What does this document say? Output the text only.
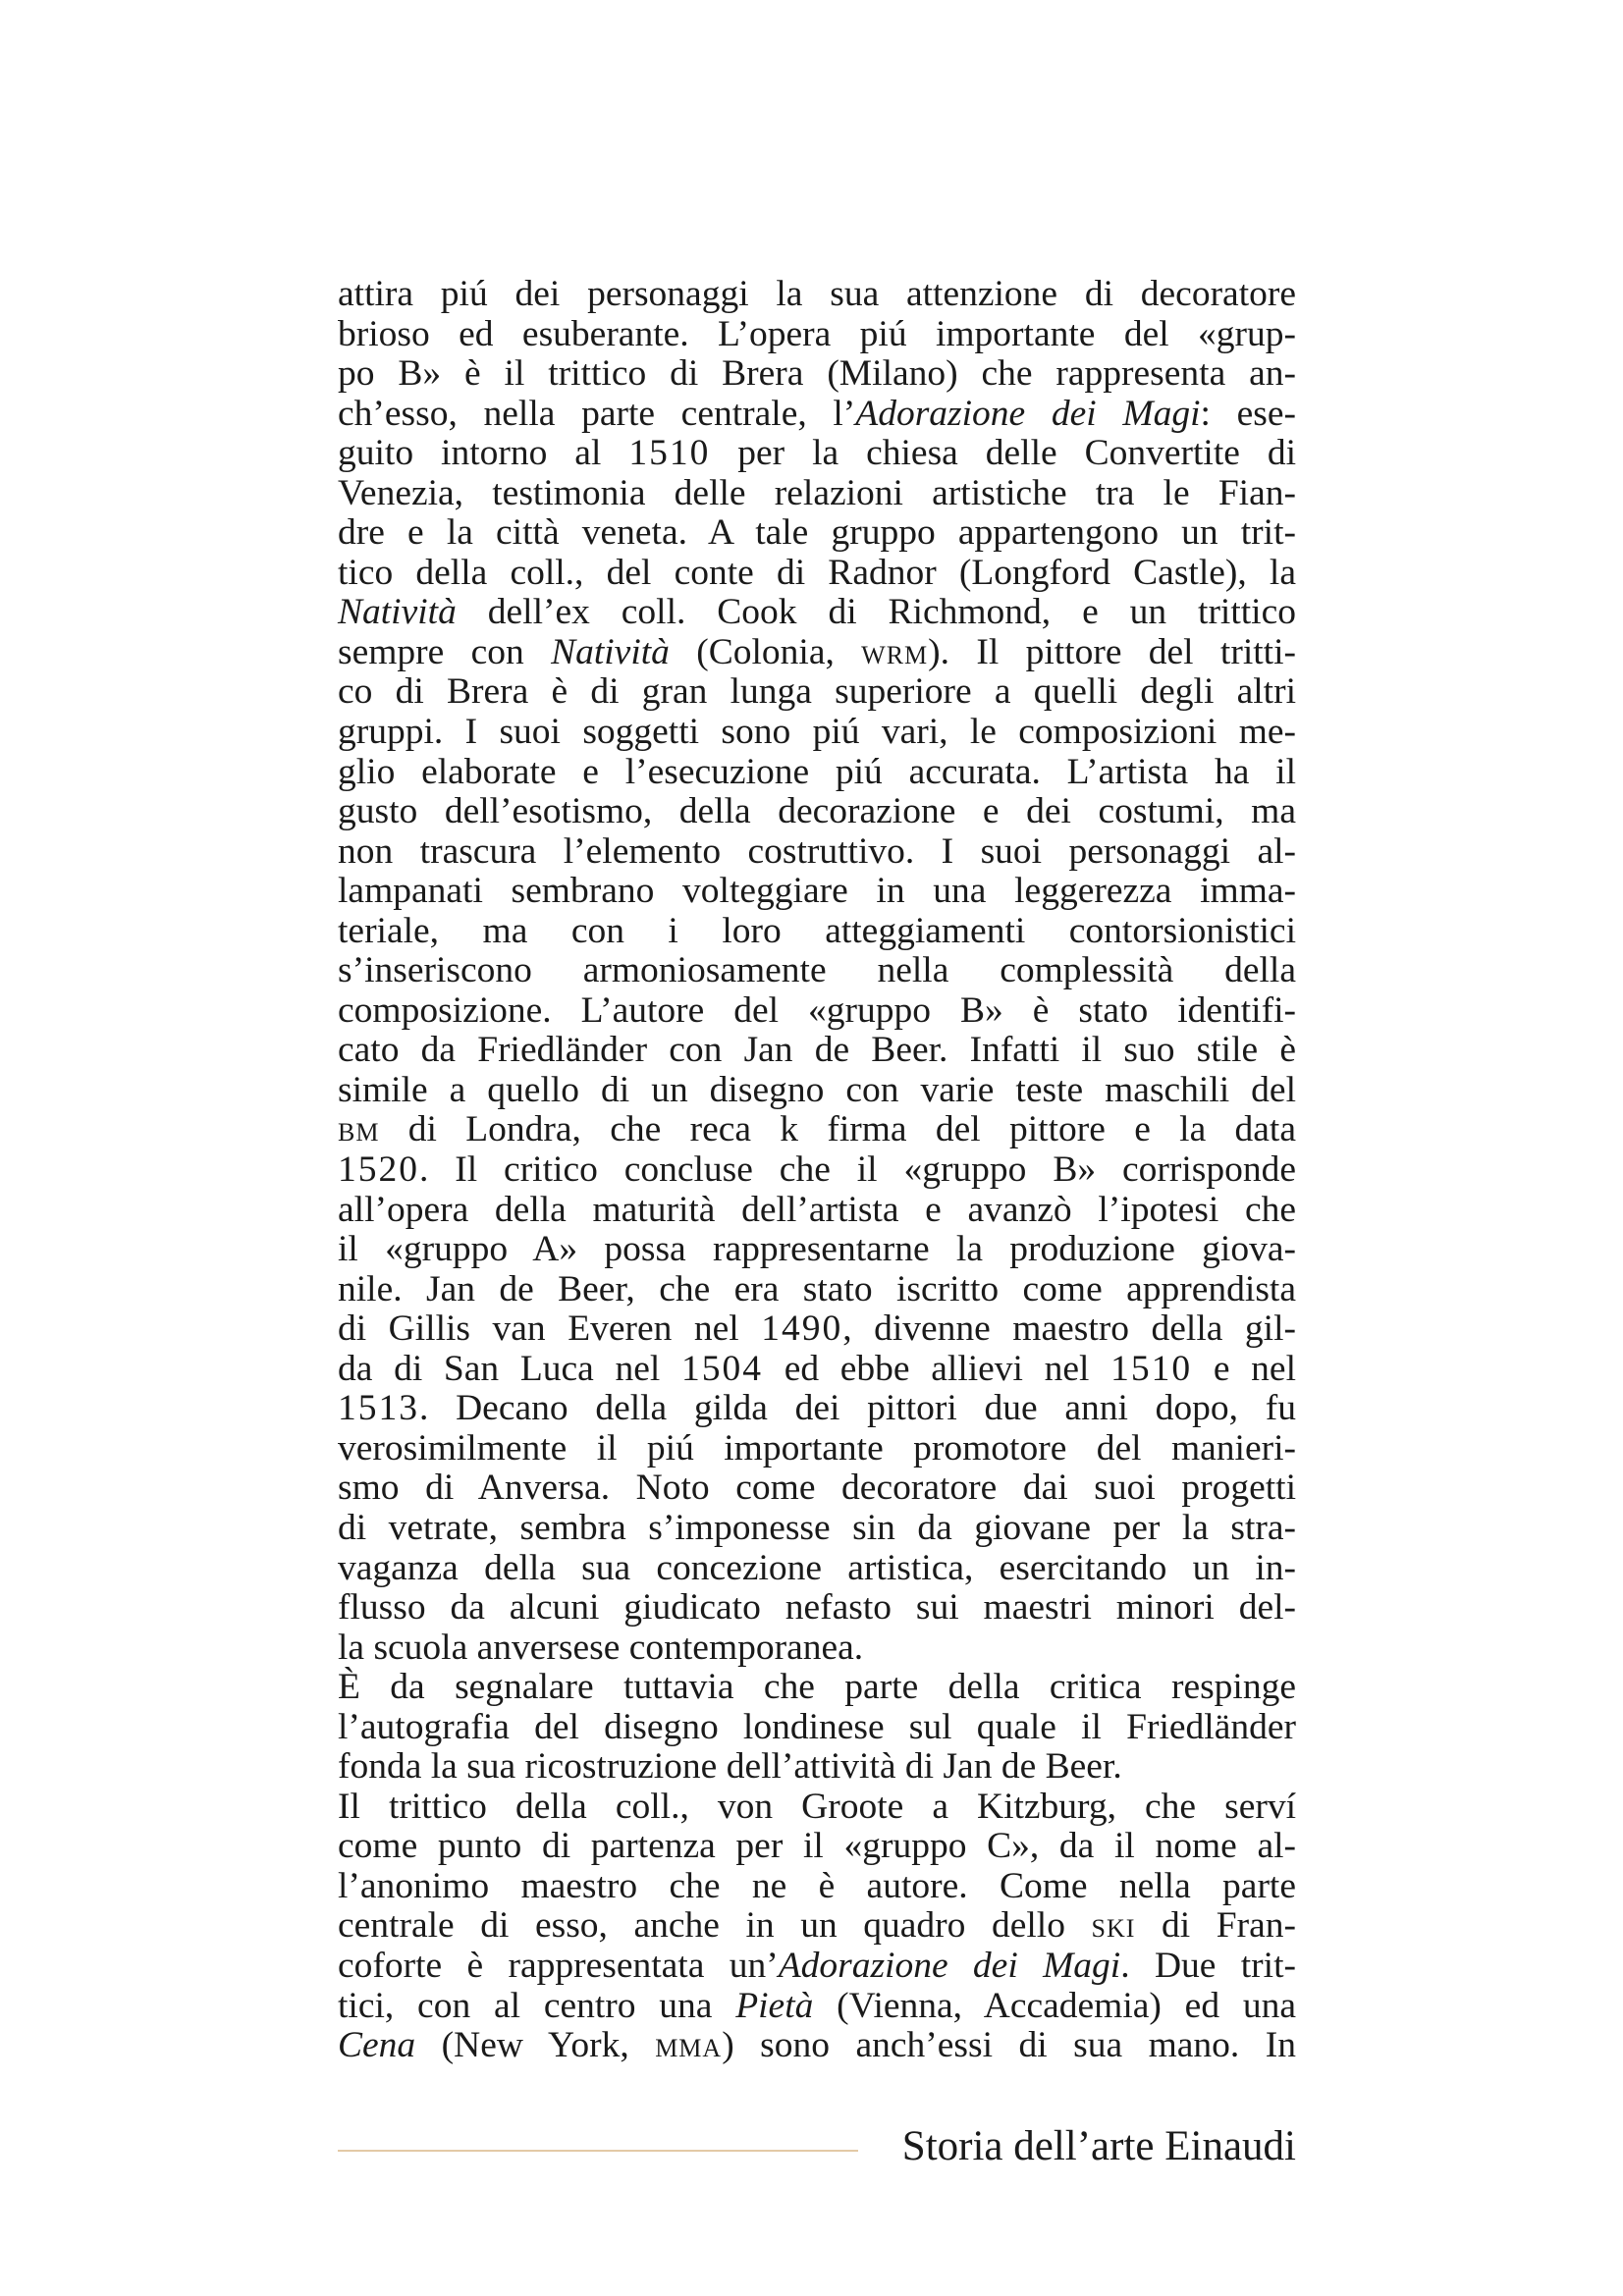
attira piú dei personaggi la sua attenzione di decoratore
brioso ed esuberante. L’opera piú importante del «grup-
po B» è il trittico di Brera (Milano) che rappresenta an-
ch’esso, nella parte centrale, l’Adorazione dei Magi: ese-
guito intorno al 1510 per la chiesa delle Convertite di
Venezia, testimonia delle relazioni artistiche tra le Fian-
dre e la città veneta. A tale gruppo appartengono un trit-
tico della coll., del conte di Radnor (Longford Castle), la
Natività dell’ex coll. Cook di Richmond, e un trittico
sempre con Natività (Colonia, wrm). Il pittore del tritti-
co di Brera è di gran lunga superiore a quelli degli altri
gruppi. I suoi soggetti sono piú vari, le composizioni me-
glio elaborate e l’esecuzione piú accurata. L’artista ha il
gusto dell’esotismo, della decorazione e dei costumi, ma
non trascura l’elemento costruttivo. I suoi personaggi al-
lampanati sembrano volteggiare in una leggerezza imma-
teriale, ma con i loro atteggiamenti contorsionistici
s’inseriscono armoniosamente nella complessità della
composizione. L’autore del «gruppo B» è stato identifi-
cato da Friedländer con Jan de Beer. Infatti il suo stile è
simile a quello di un disegno con varie teste maschili del
bm di Londra, che reca k firma del pittore e la data
1520. Il critico concluse che il «gruppo B» corrisponde
all’opera della maturità dell’artista e avanzò l’ipotesi che
il «gruppo A» possa rappresentarne la produzione giova-
nile. Jan de Beer, che era stato iscritto come apprendista
di Gillis van Everen nel 1490, divenne maestro della gil-
da di San Luca nel 1504 ed ebbe allievi nel 1510 e nel
1513. Decano della gilda dei pittori due anni dopo, fu
verosimilmente il piú importante promotore del manieri-
smo di Anversa. Noto come decoratore dai suoi progetti
di vetrate, sembra s’imponesse sin da giovane per la stra-
vaganza della sua concezione artistica, esercitando un in-
flusso da alcuni giudicato nefasto sui maestri minori del-
la scuola anversese contemporanea.
È da segnalare tuttavia che parte della critica respinge
l’autografia del disegno londinese sul quale il Friedländer
fonda la sua ricostruzione dell’attività di Jan de Beer.
Il trittico della coll., von Groote a Kitzburg, che serví
come punto di partenza per il «gruppo C», da il nome al-
l’anonimo maestro che ne è autore. Come nella parte
centrale di esso, anche in un quadro dello ski di Fran-
coforte è rappresentata un’Adorazione dei Magi. Due trit-
tici, con al centro una Pietà (Vienna, Accademia) ed una
Cena (New York, mma) sono anch’essi di sua mano. In
Storia dell’arte Einaudi
